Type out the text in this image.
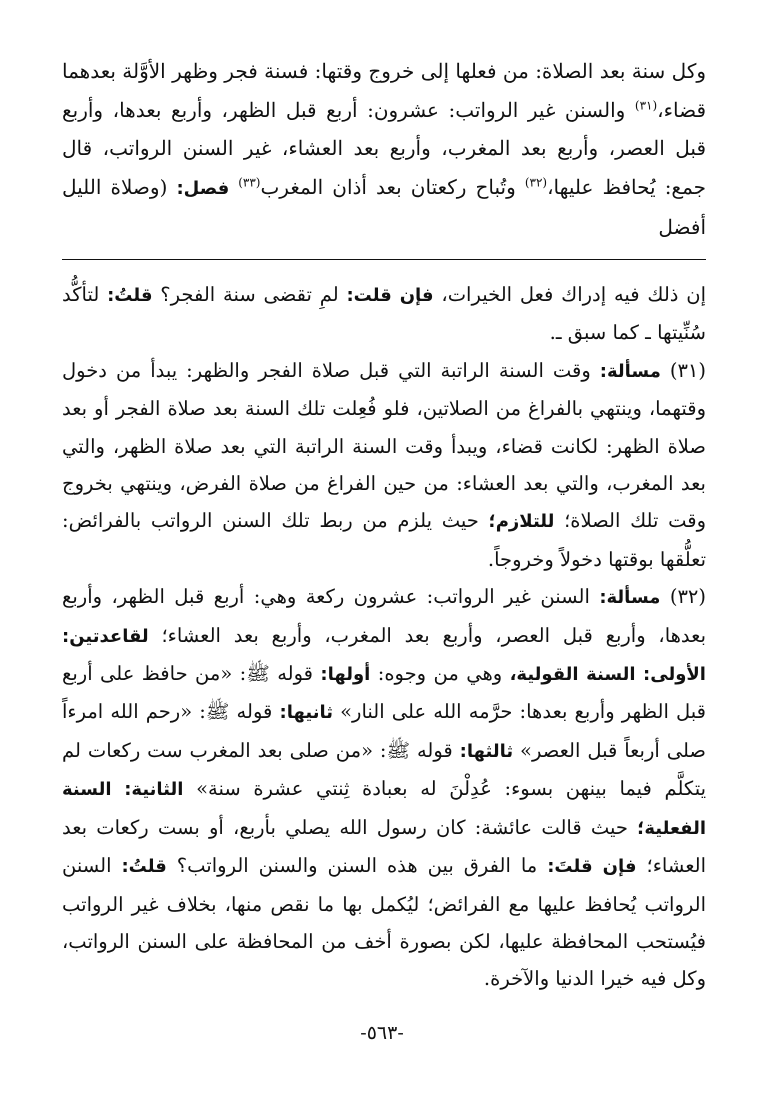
وكل سنة بعد الصلاة: من فعلها إلى خروج وقتها: فسنة فجر وظهر الأوَّلة بعدهما قضاء،$^{(٣١)}$ والسنن غير الرواتب: عشرون: أربع قبل الظهر، وأربع بعدها، وأربع قبل العصر، وأربع بعد المغرب، وأربع بعد العشاء، غير السنن الرواتب، قال جمع: يُحافظ عليها،$^{(٣٢)}$ وتُباح ركعتان بعد أذان المغرب$^{(٣٣)}$ فصل: (وصلاة الليل أفضل

إن ذلك فيه إدراك فعل الخيرات، فإن قلت: لمِ تقضى سنة الفجر؟ قلتُ: لتأكُّد سُنِّيتها ـ كما سبق ـ.

(٣١) مسألة: وقت السنة الراتبة التي قبل صلاة الفجر والظهر: يبدأ من دخول وقتهما، وينتهي بالفراغ من الصلاتين، فلو فُعِلت تلك السنة بعد صلاة الفجر أو بعد صلاة الظهر: لكانت قضاء، ويبدأ وقت السنة الراتبة التي بعد صلاة الظهر، والتي بعد المغرب، والتي بعد العشاء: من حين الفراغ من صلاة الفرض، وينتهي بخروج وقت تلك الصلاة؛ للتلازم؛ حيث يلزم من ربط تلك السنن الرواتب بالفرائض: تعلُّقها بوقتها دخولاً وخروجاً.

(٣٢) مسألة: السنن غير الرواتب: عشرون ركعة وهي: أربع قبل الظهر، وأربع بعدها، وأربع قبل العصر، وأربع بعد المغرب، وأربع بعد العشاء؛ لقاعدتين: الأولى: السنة القولية، وهي من وجوه: أولها: قوله ﷺ: «من حافظ على أربع قبل الظهر وأربع بعدها: حرَّمه الله على النار» ثانيها: قوله ﷺ: «رحم الله امرءاً صلى أربعاً قبل العصر» ثالثها: قوله ﷺ: «من صلى بعد المغرب ست ركعات لم يتكلَّم فيما بينهن بسوء: عُدِلْنَ له بعبادة ثِنتي عشرة سنة» الثانية: السنة الفعلية؛ حيث قالت عائشة: كان رسول الله يصلي بأربع، أو بست ركعات بعد العشاء؛ فإن قلتَ: ما الفرق بين هذه السنن والسنن الرواتب؟ قلتُ: السنن الرواتب يُحافظ عليها مع الفرائض؛ ليُكمل بها ما نقص منها، بخلاف غير الرواتب فيُستحب المحافظة عليها، لكن بصورة أخف من المحافظة على السنن الرواتب، وكل فيه خيرا الدنيا والآخرة.

-٥٦٣-
